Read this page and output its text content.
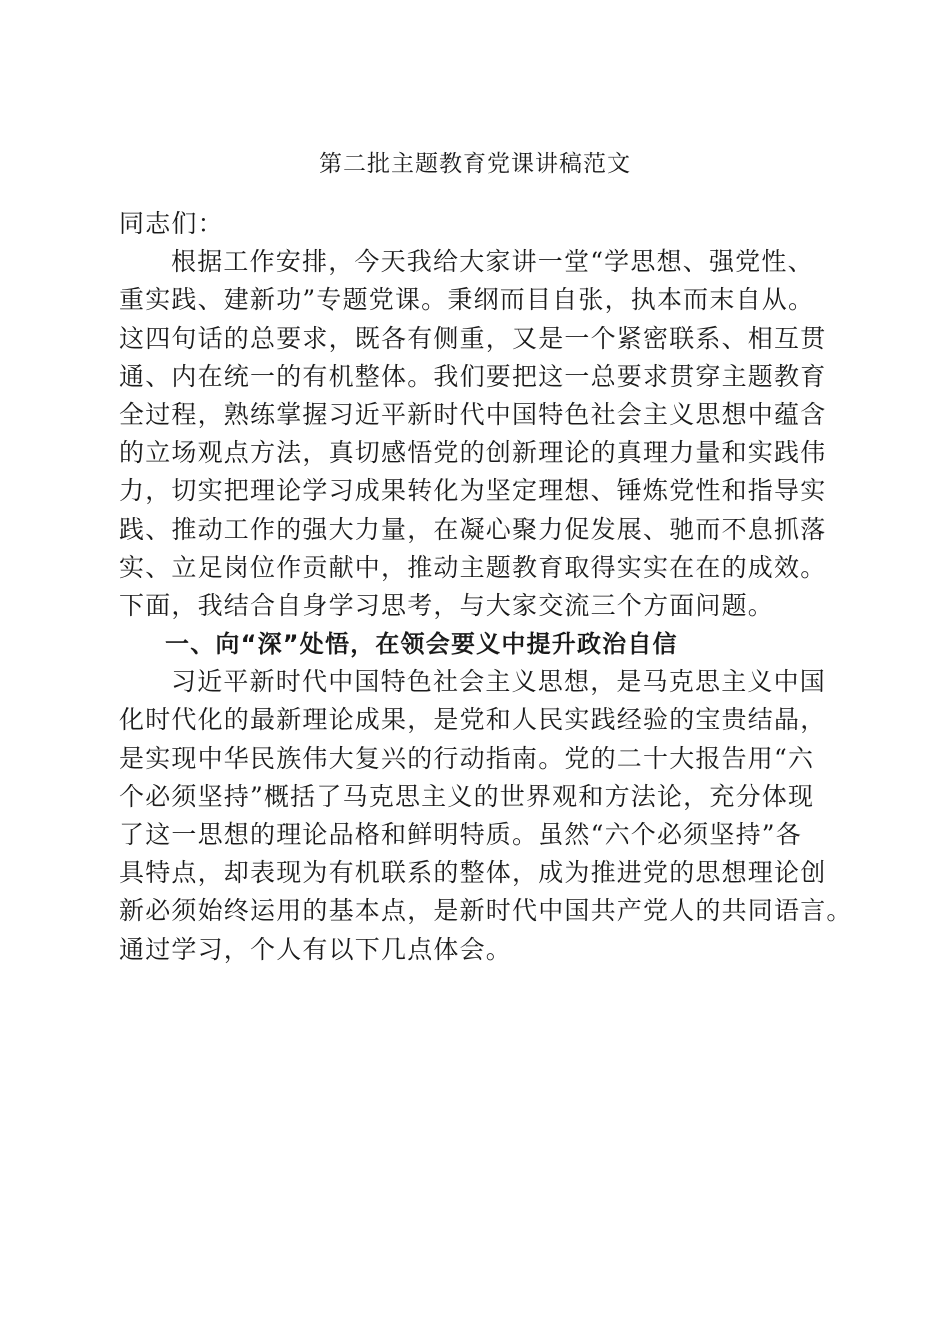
第二批主题教育党课讲稿范文
同志们：
根据工作安排，今天我给大家讲一堂“学思想、强党性、
重实践、建新功”专题党课。秉纲而目自张，执本而末自从。
这四句话的总要求，既各有侧重，又是一个紧密联系、相互贯
通、内在统一的有机整体。我们要把这一总要求贯穿主题教育
全过程，熟练掌握习近平新时代中国特色社会主义思想中蕴含
的立场观点方法，真切感悟党的创新理论的真理力量和实践伟
力，切实把理论学习成果转化为坚定理想、锤炼党性和指导实
践、推动工作的强大力量，在凝心聚力促发展、驰而不息抓落
实、立足岗位作贡献中，推动主题教育取得实实在在的成效。
下面，我结合自身学习思考，与大家交流三个方面问题。
一、向“深”处悟，在领会要义中提升政治自信
习近平新时代中国特色社会主义思想，是马克思主义中国
化时代化的最新理论成果，是党和人民实践经验的宝贵结晶，
是实现中华民族伟大复兴的行动指南。党的二十大报告用“六
个必须坚持”概括了马克思主义的世界观和方法论，充分体现
了这一思想的理论品格和鲜明特质。虽然“六个必须坚持”各
具特点，却表现为有机联系的整体，成为推进党的思想理论创
新必须始终运用的基本点，是新时代中国共产党人的共同语言。
通过学习，个人有以下几点体会。
